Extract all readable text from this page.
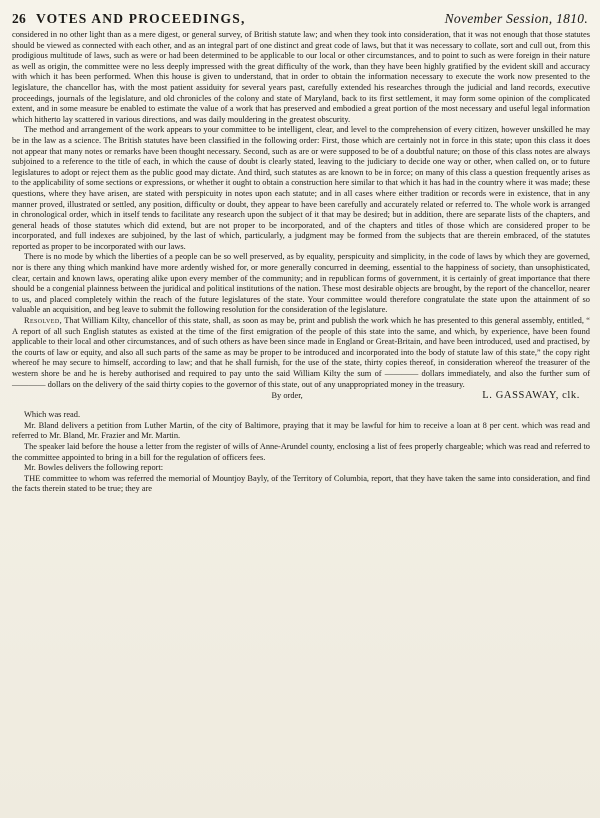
26 VOTES AND PROCEEDINGS,	November Session, 1810.

considered in no other light than as a mere digest, or general survey, of British statute law; and when they took into consideration, that it was not enough that those statutes should be viewed as connected with each other, and as an integral part of one distinct and great code of laws, but that it was necessary to collate, sort and cull out, from this prodigious multitude of laws, such as were or had been determined to be applicable to our local or other circumstances, and to point to such as were foreign in their nature as well as origin, the committee were no less deeply impressed with the great difficulty of the work, than they have been highly gratified by the evident skill and accuracy with which it has been performed. When this house is given to understand, that in order to obtain the information necessary to execute the work now presented to the legislature, the chancellor has, with the most patient assiduity for several years past, carefully extended his researches through the judicial and land records, executive proceedings, journals of the legislature, and old chronicles of the colony and state of Maryland, back to its first settlement, it may form some opinion of the complicated extent, and in some measure be enabled to estimate the value of a work that has preserved and embodied a great portion of the most necessary and useful legal information which hitherto lay scattered in various directions, and was daily mouldering in the greatest obscurity.

The method and arrangement of the work appears to your committee to be intelligent, clear, and level to the comprehension of every citizen, however unskilled he may be in the law as a science. The British statutes have been classified in the following order: First, those which are certainly not in force in this state; upon this class it does not appear that many notes or remarks have been thought necessary. Second, such as are or were supposed to be of a doubtful nature; on those of this class notes are always subjoined to a reference to the title of each, in which the cause of doubt is clearly stated, leaving to the judiciary to decide one way or other, when called on, or to future legislatures to adopt or reject them as the public good may dictate. And third, such statutes as are known to be in force; on many of this class a question frequently arises as to the applicability of some sections or expressions, or whether it ought to obtain a construction here similar to that which it has had in the country where it was made; these questions, where they have arisen, are stated with perspicuity in notes upon each statute; and in all cases where either tradition or records were in existence, that in any manner proved, illustrated or settled, any position, difficulty or doubt, they appear to have been carefully and accurately related or referred to. The whole work is arranged in chronological order, which in itself tends to facilitate any research upon the subject of it that may be desired; but in addition, there are separate lists of the chapters, and general heads of those statutes which did extend, but are not proper to be incorporated, and of the chapters and titles of those which are considered proper to be incorporated, and full indexes are subjoined, by the last of which, particularly, a judgment may be formed from the subjects that are therein embraced, of the statutes reported as proper to be incorporated with our laws.

There is no mode by which the liberties of a people can be so well preserved, as by equality, perspicuity and simplicity, in the code of laws by which they are governed, nor is there any thing which mankind have more ardently wished for, or more generally concurred in deeming, essential to the happiness of society, than unsophisticated, clear, certain and known laws, operating alike upon every member of the community; and in republican forms of government, it is certainly of great importance that there should be a congenial plainness between the juridical and political institutions of the nation. These most desirable objects are brought, by the report of the chancellor, nearer to us, and placed completely within the reach of the future legislatures of the state. Your committee would therefore congratulate the state upon the attainment of so valuable an acquisition, and beg leave to submit the following resolution for the consideration of the legislature.

Resolved, That William Kilty, chancellor of this state, shall, as soon as may be, print and publish the work which he has presented to this general assembly, entitled, “ A report of all such English statutes as existed at the time of the first emigration of the people of this state into the same, and which, by experience, have been found applicable to their local and other circumstances, and of such others as have been since made in England or Great-Britain, and have been introduced, used and practised, by the courts of law or equity, and also all such parts of the same as may be proper to be introduced and incorporated into the body of statute law of this state,” the copy right whereof he may secure to himself, according to law; and that he shall furnish, for the use of the state, thirty copies thereof, in consideration whereof the treasurer of the western shore be and he is hereby authorised and required to pay unto the said William Kilty the sum of ———— dollars immediately, and also the further sum of ———— dollars on the delivery of the said thirty copies to the governor of this state, out of any unappropriated money in the treasury.

By order,	L. GASSAWAY, clk.

Which was read.

Mr. Bland delivers a petition from Luther Martin, of the city of Baltimore, praying that it may be lawful for him to receive a loan at 8 per cent. which was read and referred to Mr. Bland, Mr. Frazier and Mr. Martin.

The speaker laid before the house a letter from the register of wills of Anne-Arundel county, enclosing a list of fees properly chargeable; which was read and referred to the committee appointed to bring in a bill for the regulation of officers fees.

Mr. Bowles delivers the following report:

THE committee to whom was referred the memorial of Mountjoy Bayly, of the Territory of Columbia, report, that they have taken the same into consideration, and find the facts therein stated to be true; they are
